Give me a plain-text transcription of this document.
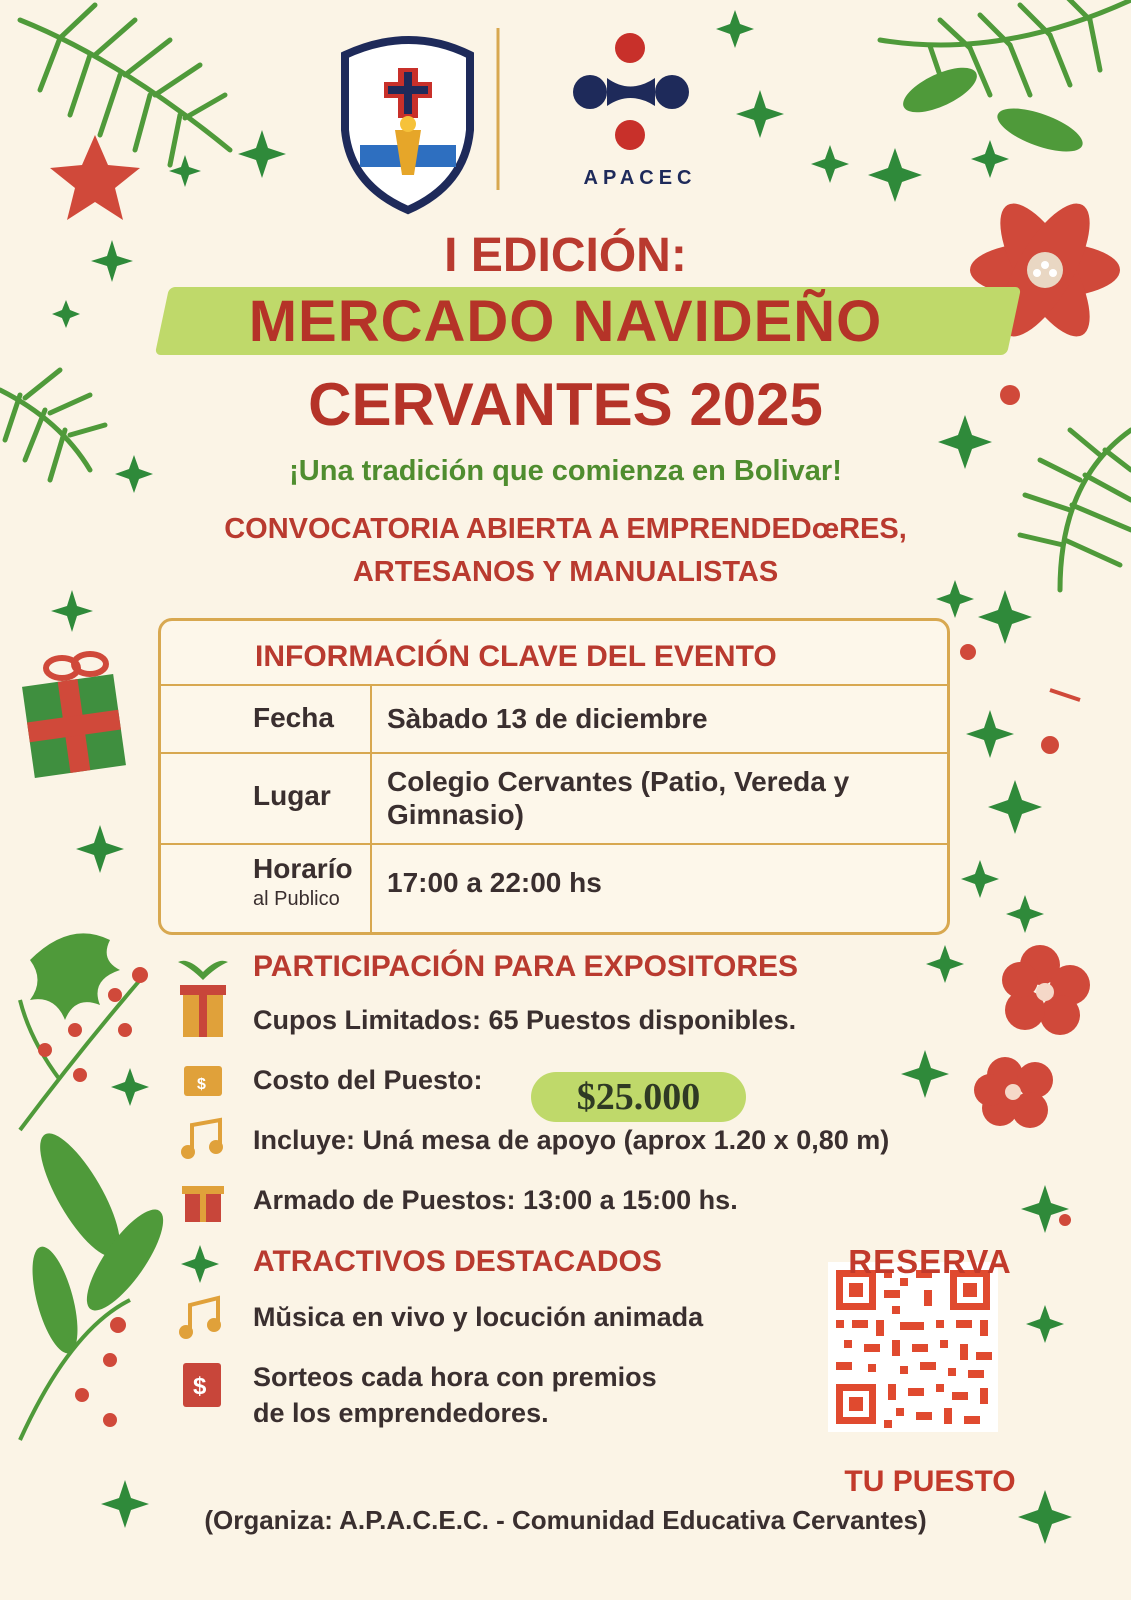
$
$
APACEC
I EDICIÓN:
MERCADO NAVIDEÑO
CERVANTES 2025
¡Una tradición que comienza en Bolivar!
CONVOCATORIA ABIERTA A EMPRENDEDœRES,
ARTESANOS Y MANUALISTAS
INFORMACIÓN CLAVE DEL EVENTO
Fecha Sàbado 13 de diciembre
Lugar Colegio Cervantes (Patio, Vereda y Gimnasio)
Horarío
al Publico
17:00 a 22:00 hs
PARTICIPACIÓN PARA EXPOSITORES
Cupos Limitados: 65 Puestos disponibles.
Costo del Puesto:	$25.000
Incluye: Uná mesa de apoyo (aprox 1.20 x 0,80 m)
Armado de Puestos: 13:00 a 15:00 hs.
ATRACTIVOS DESTACADOS
Mŭsica en vivo y locución animada
Sorteos cada hora con premios
de los emprendedores.
RESERVA
TU PUESTO
(Organiza: A.P.A.C.E.C. - Comunidad Educativa Cervantes)
